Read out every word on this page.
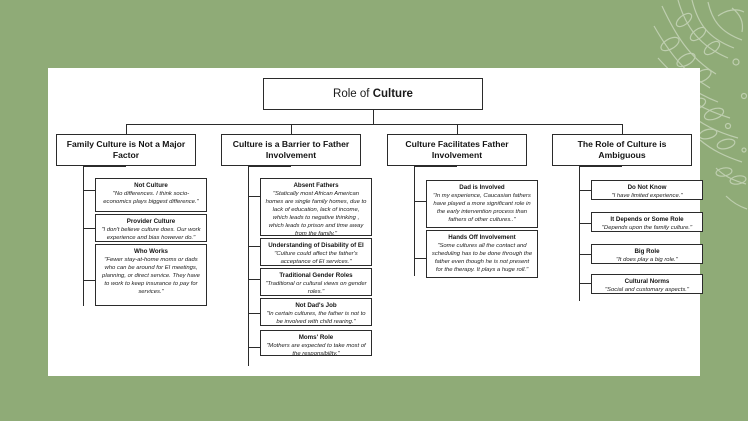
Role of Culture
Family Culture is Not a Major Factor
Not Culture
"No differences. I think socio-economics plays biggest difference."
Provider Culture
"I don't believe culture does. Our work experience and bias however do."
Who Works
"Fewer stay-at-home moms or dads who can be around for EI meetings, planning, or direct service. They have to work to keep insurance to pay for services."
Culture is a Barrier to Father Involvement
Absent Fathers
"Statically most African American homes are single family homes, due to lack of education, lack of income, which leads to negative thinking , which leads to prison and time away from the family."
Understanding of Disability of EI
"Culture could affect the father's acceptance of EI services."
Traditional Gender Roles
"Traditional or cultural views on gender roles."
Not Dad's Job
"In certain cultures, the father is not to be involved with child rearing."
Moms' Role
"Mothers are expected to take most of the responsibility."
Culture Facilitates Father Involvement
Dad is Involved
"In my experience, Caucasian fathers have played a more significant role in the early intervention process than fathers of other cultures.."
Hands Off Involvement
"Some cultures all the contact and scheduling has to be done through the father even though he is not present for the therapy. It plays a huge roll."
The Role of Culture is Ambiguous
Do Not Know
"I have limited experience."
It Depends or Some Role
"Depends upon the family culture."
Big Role
"It does play a big role."
Cultural Norms
"Social and customary aspects."
